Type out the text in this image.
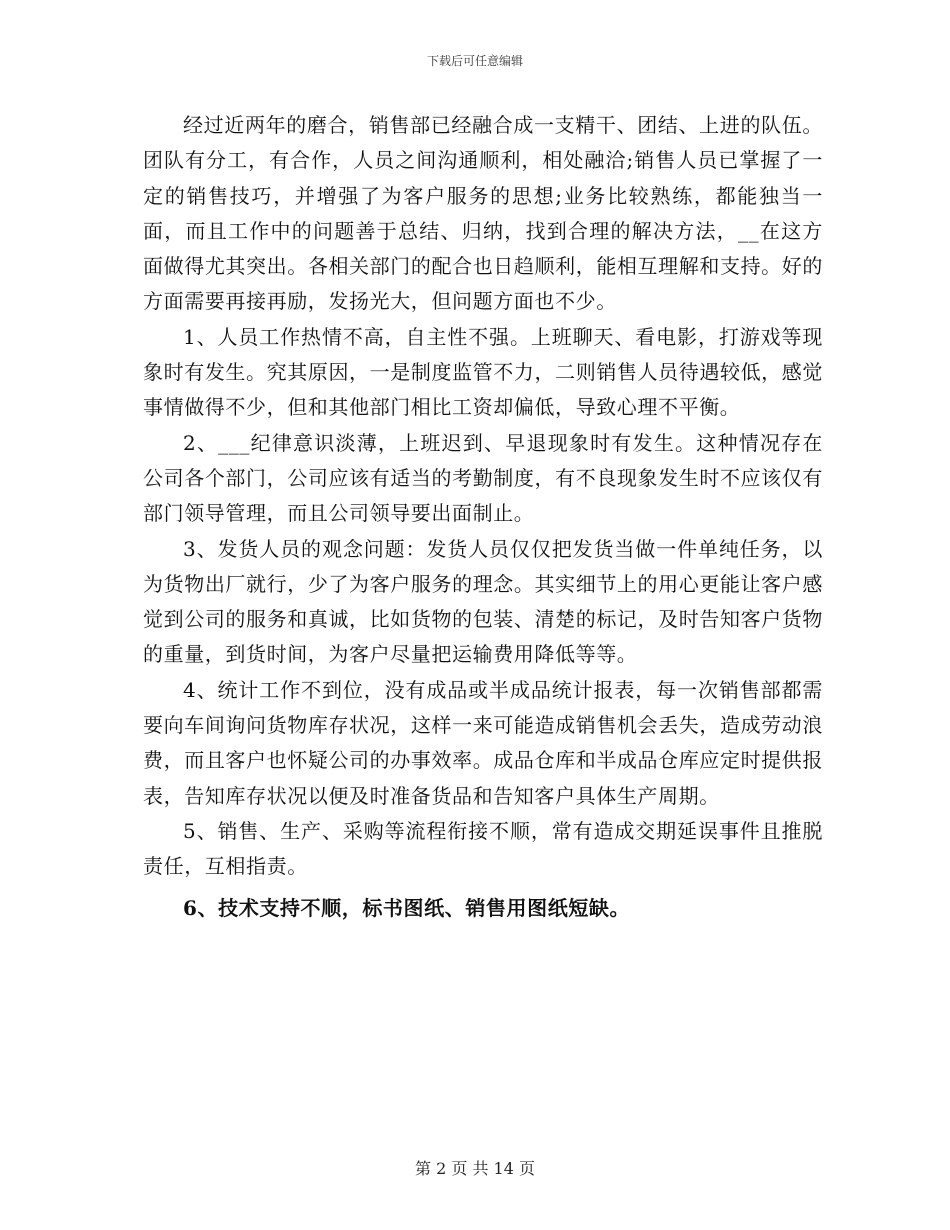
下载后可任意编辑

经过近两年的磨合，销售部已经融合成一支精干、团结、上进的队伍。团队有分工，有合作，人员之间沟通顺利，相处融洽;销售人员已掌握了一定的销售技巧，并增强了为客户服务的思想;业务比较熟练，都能独当一面，而且工作中的问题善于总结、归纳，找到合理的解决方法，__在这方面做得尤其突出。各相关部门的配合也日趋顺利，能相互理解和支持。好的方面需要再接再励，发扬光大，但问题方面也不少。

1、人员工作热情不高，自主性不强。上班聊天、看电影，打游戏等现象时有发生。究其原因，一是制度监管不力，二则销售人员待遇较低，感觉事情做得不少，但和其他部门相比工资却偏低，导致心理不平衡。

2、___纪律意识淡薄，上班迟到、早退现象时有发生。这种情况存在公司各个部门，公司应该有适当的考勤制度，有不良现象发生时不应该仅有部门领导管理，而且公司领导要出面制止。

3、发货人员的观念问题：发货人员仅仅把发货当做一件单纯任务，以为货物出厂就行，少了为客户服务的理念。其实细节上的用心更能让客户感觉到公司的服务和真诚，比如货物的包装、清楚的标记，及时告知客户货物的重量，到货时间，为客户尽量把运输费用降低等等。

4、统计工作不到位，没有成品或半成品统计报表，每一次销售部都需要向车间询问货物库存状况，这样一来可能造成销售机会丢失，造成劳动浪费，而且客户也怀疑公司的办事效率。成品仓库和半成品仓库应定时提供报表，告知库存状况以便及时准备货品和告知客户具体生产周期。

5、销售、生产、采购等流程衔接不顺，常有造成交期延误事件且推脱责任，互相指责。

6、技术支持不顺，标书图纸、销售用图纸短缺。

第 2 页 共 14 页
